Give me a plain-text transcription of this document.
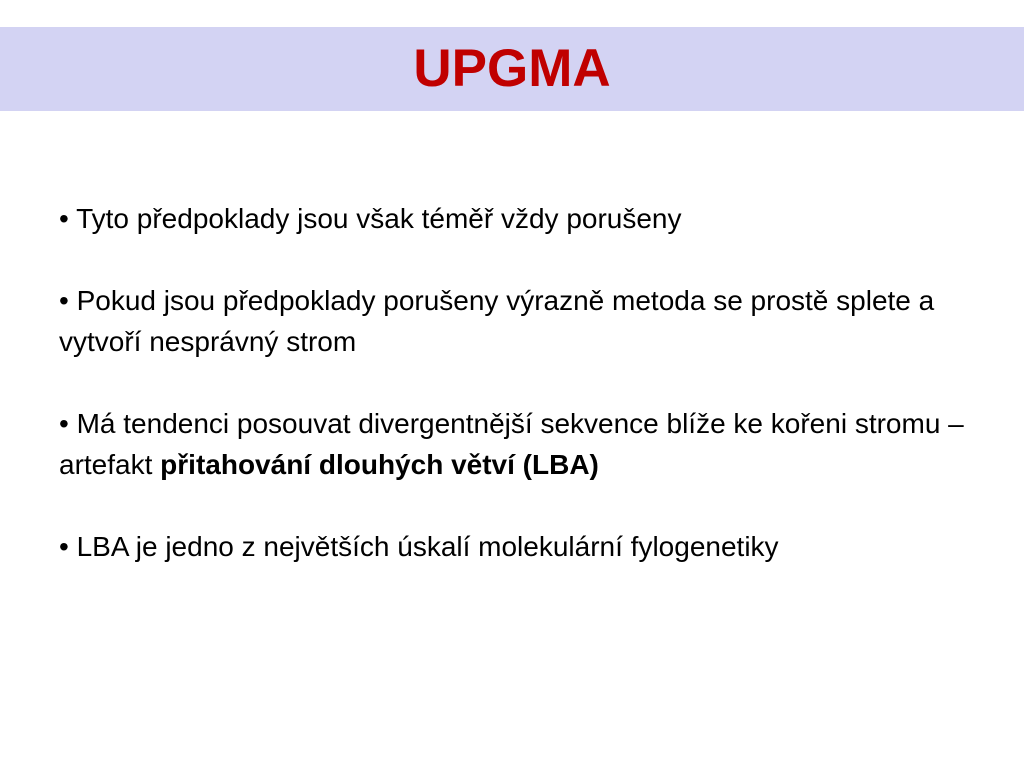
UPGMA

• Tyto předpoklady jsou však téměř vždy porušeny

• Pokud jsou předpoklady porušeny výrazně metoda se prostě splete a vytvoří nesprávný strom

• Má tendenci posouvat divergentnější sekvence blíže ke kořeni stromu – artefakt přitahování dlouhých větví (LBA)

• LBA je jedno z největších úskalí molekulární fylogenetiky
